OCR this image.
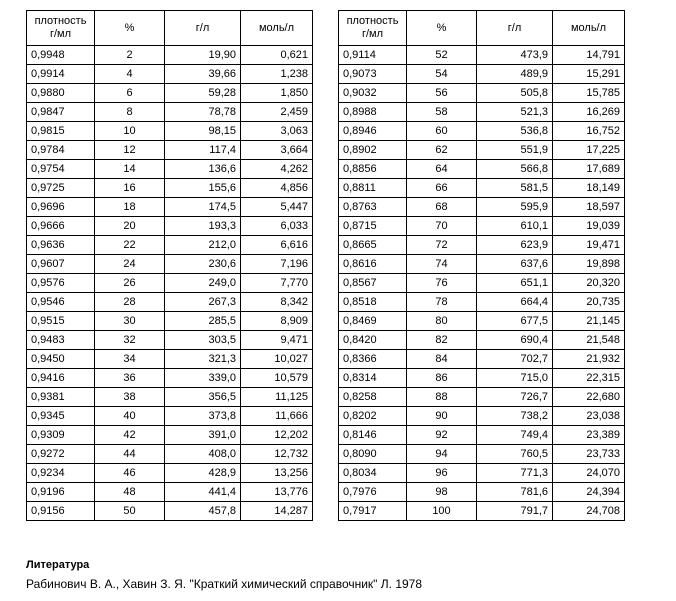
плотность
г/мл	%	г/л	моль/л
0,9948	2	19,90	0,621
0,9914	4	39,66	1,238
0,9880	6	59,28	1,850
0,9847	8	78,78	2,459
0,9815	10	98,15	3,063
0,9784	12	117,4	3,664
0,9754	14	136,6	4,262
0,9725	16	155,6	4,856
0,9696	18	174,5	5,447
0,9666	20	193,3	6,033
0,9636	22	212,0	6,616
0,9607	24	230,6	7,196
0,9576	26	249,0	7,770
0,9546	28	267,3	8,342
0,9515	30	285,5	8,909
0,9483	32	303,5	9,471
0,9450	34	321,3	10,027
0,9416	36	339,0	10,579
0,9381	38	356,5	11,125
0,9345	40	373,8	11,666
0,9309	42	391,0	12,202
0,9272	44	408,0	12,732
0,9234	46	428,9	13,256
0,9196	48	441,4	13,776
0,9156	50	457,8	14,287
плотность
г/мл	%	г/л	моль/л
0,9114	52	473,9	14,791
0,9073	54	489,9	15,291
0,9032	56	505,8	15,785
0,8988	58	521,3	16,269
0,8946	60	536,8	16,752
0,8902	62	551,9	17,225
0,8856	64	566,8	17,689
0,8811	66	581,5	18,149
0,8763	68	595,9	18,597
0,8715	70	610,1	19,039
0,8665	72	623,9	19,471
0,8616	74	637,6	19,898
0,8567	76	651,1	20,320
0,8518	78	664,4	20,735
0,8469	80	677,5	21,145
0,8420	82	690,4	21,548
0,8366	84	702,7	21,932
0,8314	86	715,0	22,315
0,8258	88	726,7	22,680
0,8202	90	738,2	23,038
0,8146	92	749,4	23,389
0,8090	94	760,5	23,733
0,8034	96	771,3	24,070
0,7976	98	781,6	24,394
0,7917	100	791,7	24,708

Литература

Рабинович В. А., Хавин З. Я. "Краткий химический справочник" Л. 1978
